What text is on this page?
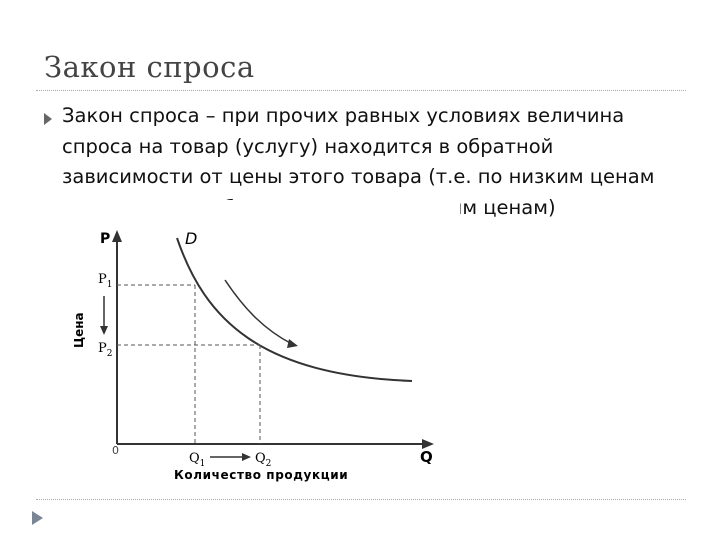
Закон спроса
Закон спроса – при прочих равных условиях величина спроса на товар (услугу) находится в обратной зависимости от цены этого товара (т.е. по низким ценам спрос на товар больше, чем по высоким ценам)
P
Q
0
D
$P_1$
$P_2$
$Q_1$	$Q_2$
Цена
Количество продукции
